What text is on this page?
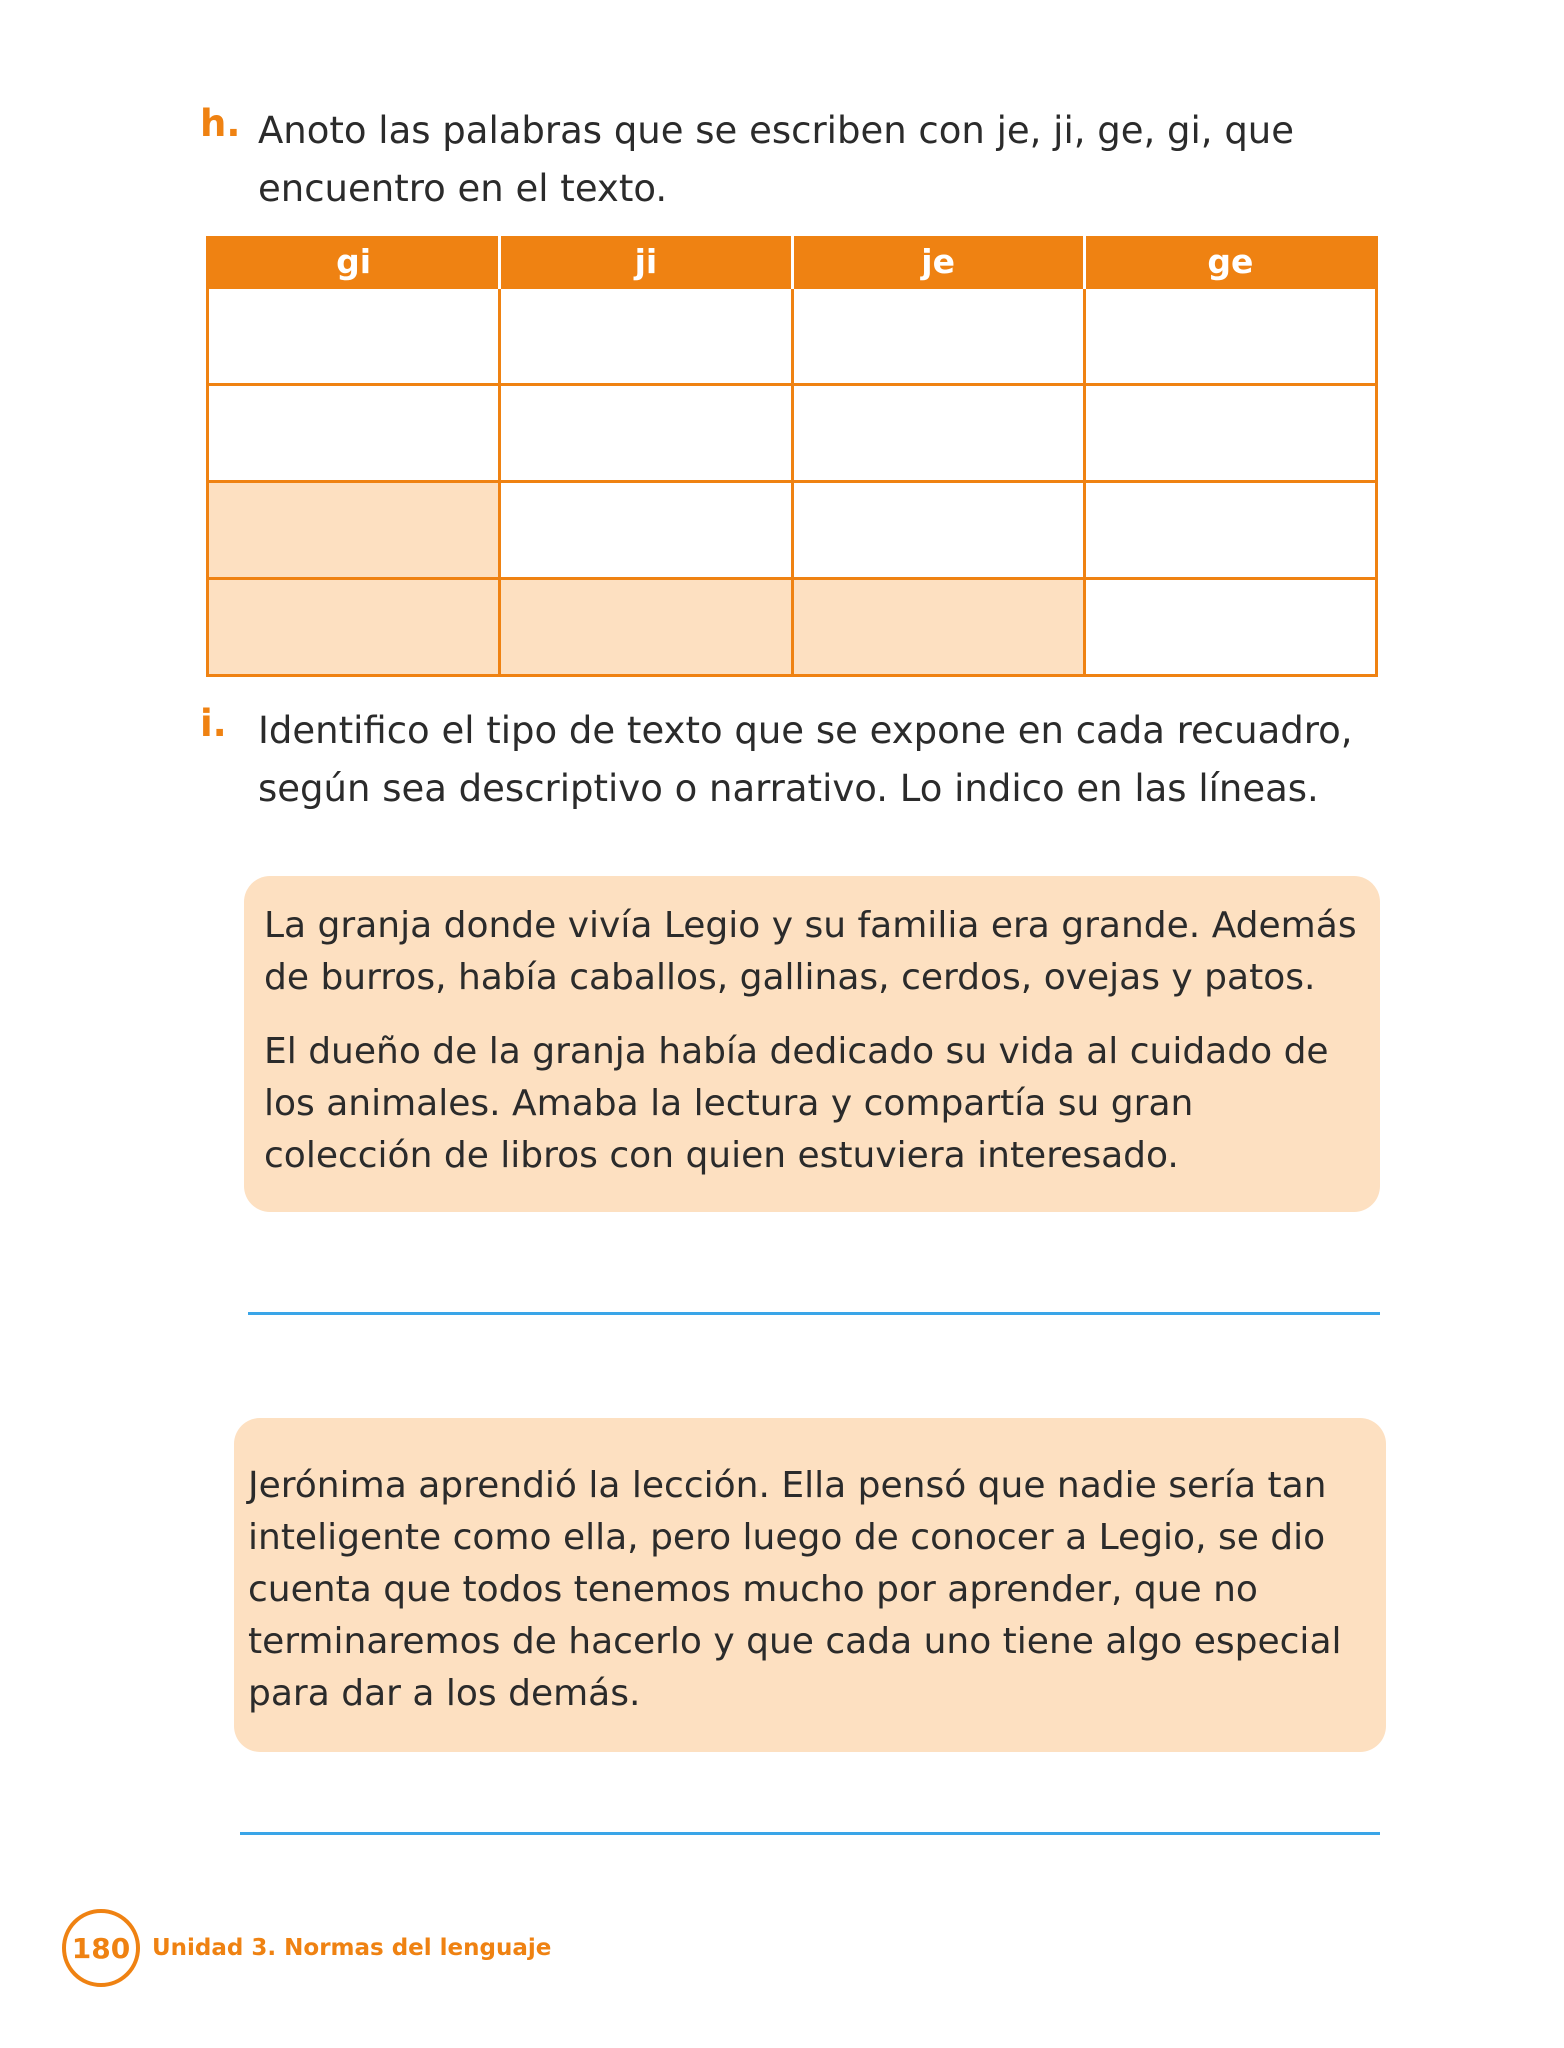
h. Anoto las palabras que se escriben con je, ji, ge, gi, que encuentro en el texto.
gi	ji	je	ge

i. Identifico el tipo de texto que se expone en cada recuadro, según sea descriptivo o narrativo. Lo indico en las líneas.

La granja donde vivía Legio y su familia era grande. Además de burros, había caballos, gallinas, cerdos, ovejas y patos.

El dueño de la granja había dedicado su vida al cuidado de los animales. Amaba la lectura y compartía su gran colección de libros con quien estuviera interesado.

Jerónima aprendió la lección. Ella pensó que nadie sería tan inteligente como ella, pero luego de conocer a Legio, se dio cuenta que todos tenemos mucho por aprender, que no terminaremos de hacerlo y que cada uno tiene algo especial para dar a los demás.

180 Unidad 3. Normas del lenguaje
